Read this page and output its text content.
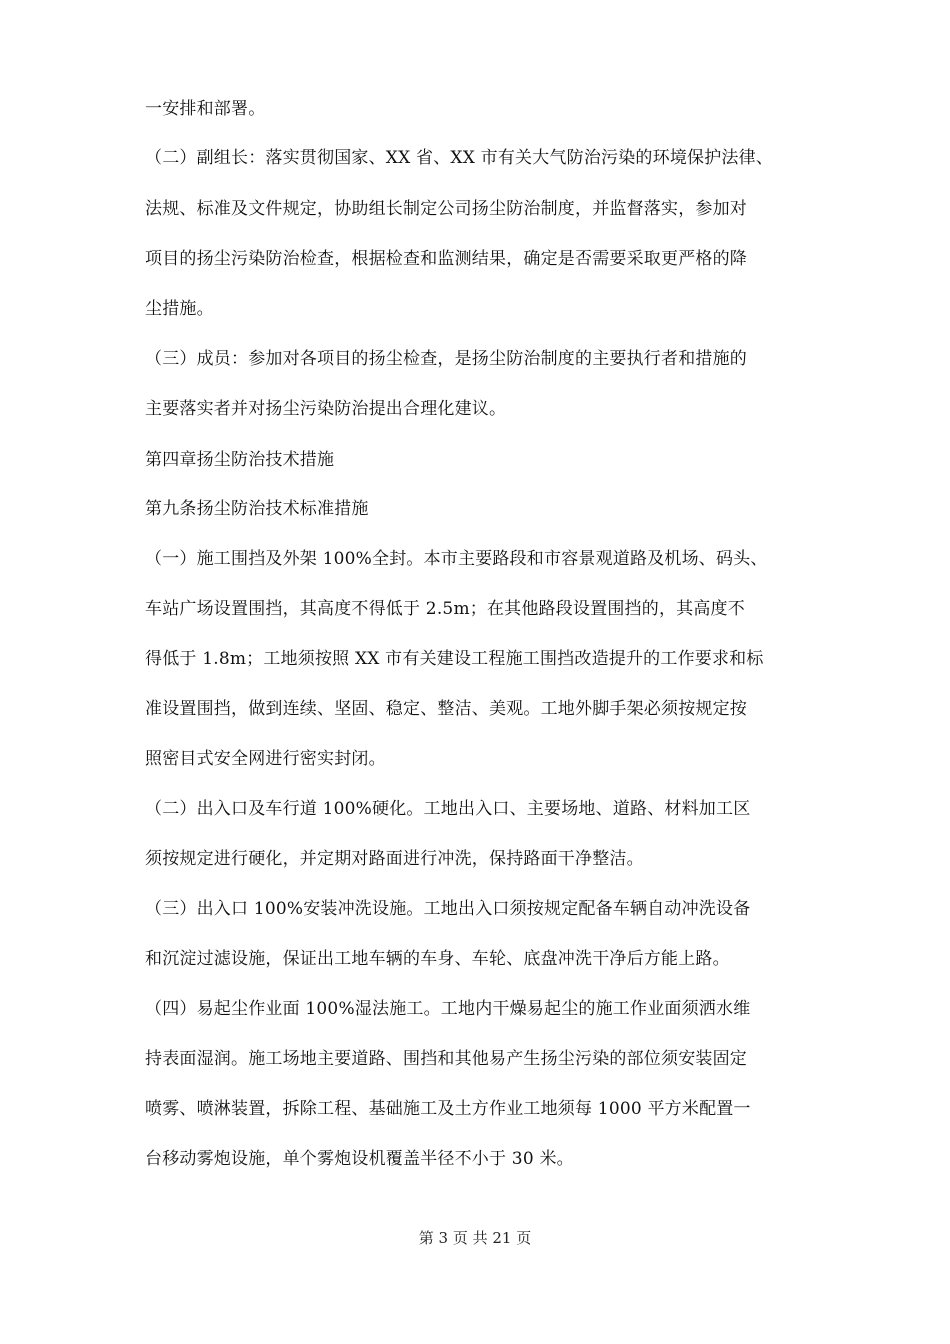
一安排和部署。
（二）副组长：落实贯彻国家、XX 省、XX 市有关大气防治污染的环境保护法律、
法规、标准及文件规定，协助组长制定公司扬尘防治制度，并监督落实，参加对
项目的扬尘污染防治检查，根据检查和监测结果，确定是否需要采取更严格的降
尘措施。
（三）成员：参加对各项目的扬尘检查，是扬尘防治制度的主要执行者和措施的
主要落实者并对扬尘污染防治提出合理化建议。
第四章扬尘防治技术措施
第九条扬尘防治技术标准措施
（一）施工围挡及外架 100%全封。本市主要路段和市容景观道路及机场、码头、
车站广场设置围挡，其高度不得低于 2.5m；在其他路段设置围挡的，其高度不
得低于 1.8m；工地须按照 XX 市有关建设工程施工围挡改造提升的工作要求和标
准设置围挡，做到连续、坚固、稳定、整洁、美观。工地外脚手架必须按规定按
照密目式安全网进行密实封闭。
（二）出入口及车行道 100%硬化。工地出入口、主要场地、道路、材料加工区
须按规定进行硬化，并定期对路面进行冲洗，保持路面干净整洁。
（三）出入口 100%安装冲洗设施。工地出入口须按规定配备车辆自动冲洗设备
和沉淀过滤设施，保证出工地车辆的车身、车轮、底盘冲洗干净后方能上路。
（四）易起尘作业面 100%湿法施工。工地内干燥易起尘的施工作业面须洒水维
持表面湿润。施工场地主要道路、围挡和其他易产生扬尘污染的部位须安装固定
喷雾、喷淋装置，拆除工程、基础施工及土方作业工地须每 1000 平方米配置一
台移动雾炮设施，单个雾炮设机覆盖半径不小于 30 米。
第 3 页 共 21 页
